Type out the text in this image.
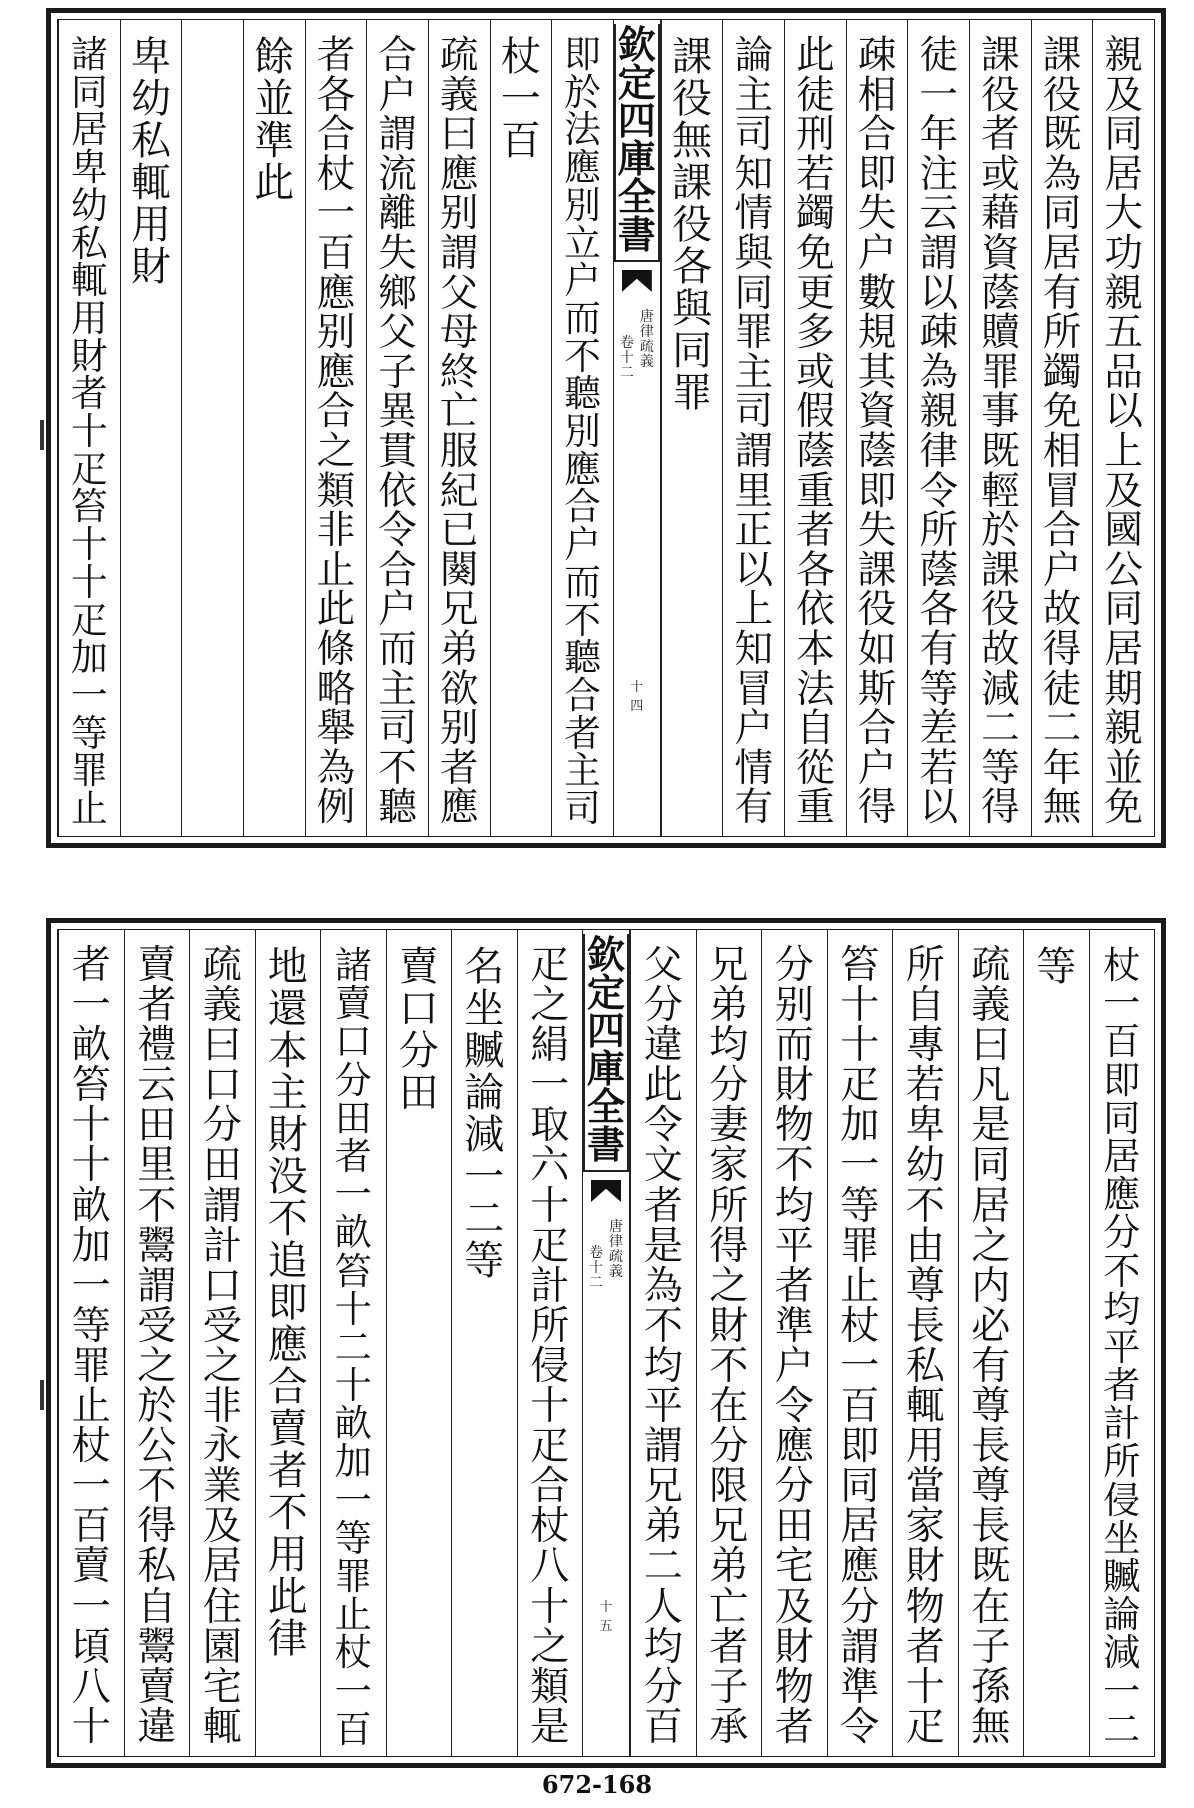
親
及
同
居
大
功
親
五
品
以
上
及
國
公
同
居
期
親
並
免
課
役
既
為
同
居
有
所
蠲
免
相
冒
合
户
故
得
徒
二
年
無
課
役
者
或
藉
資
蔭
贖
罪
事
既
輕
於
課
役
故
減
二
等
得
徒
一
年
注
云
謂
以
疎
為
親
律
令
所
蔭
各
有
等
差
若
以
疎
相
合
即
失
户
數
規
其
資
蔭
即
失
課
役
如
斯
合
户
得
此
徒
刑
若
蠲
免
更
多
或
假
蔭
重
者
各
依
本
法
自
從
重
論
主
司
知
情
與
同
罪
主
司
謂
里
正
以
上
知
冒
户
情
有
課
役
無
課
役
各
與
同
罪
欽
定
四
庫
全
書
卷
十
二
唐
律
疏
義
十
四
即
於
法
應
別
立
户
而
不
聽
別
應
合
户
而
不
聽
合
者
主
司
杖
一
百
疏
義
曰
應
别
謂
父
母
終
亡
服
紀
已
闋
兄
弟
欲
别
者
應
合
户
謂
流
離
失
鄉
父
子
異
貫
依
令
合
户
而
主
司
不
聽
者
各
合
杖
一
百
應
别
應
合
之
類
非
止
此
條
略
舉
為
例
餘
並
準
此
卑
幼
私
輒
用
財
諸
同
居
卑
幼
私
輒
用
財
者
十
疋
笞
十
十
疋
加
一
等
罪
止
杖
一
百
即
同
居
應
分
不
均
平
者
計
所
侵
坐
贓
論
減
一
二
等
疏
義
曰
凡
是
同
居
之
内
必
有
尊
長
尊
長
既
在
子
孫
無
所
自
專
若
卑
幼
不
由
尊
長
私
輒
用
當
家
財
物
者
十
疋
笞
十
十
疋
加
一
等
罪
止
杖
一
百
即
同
居
應
分
謂
準
令
分
别
而
財
物
不
均
平
者
準
户
令
應
分
田
宅
及
財
物
者
兄
弟
均
分
妻
家
所
得
之
財
不
在
分
限
兄
弟
亡
者
子
承
父
分
違
此
令
文
者
是
為
不
均
平
謂
兄
弟
二
人
均
分
百
欽
定
四
庫
全
書
卷
十
二
唐
律
疏
義
十
五
疋
之
絹
一
取
六
十
疋
計
所
侵
十
疋
合
杖
八
十
之
類
是
名
坐
贓
論
減
一
二
等
賣
口
分
田
諸
賣
口
分
田
者
一
畝
笞
十
二
十
畝
加
一
等
罪
止
杖
一
百
地
還
本
主
財
没
不
追
即
應
合
賣
者
不
用
此
律
疏
義
曰
口
分
田
謂
計
口
受
之
非
永
業
及
居
住
園
宅
輒
賣
者
禮
云
田
里
不
鬻
謂
受
之
於
公
不
得
私
自
鬻
賣
違
者
一
畝
笞
十
十
畝
加
一
等
罪
止
杖
一
百
賣
一
頃
八
十
672-168
